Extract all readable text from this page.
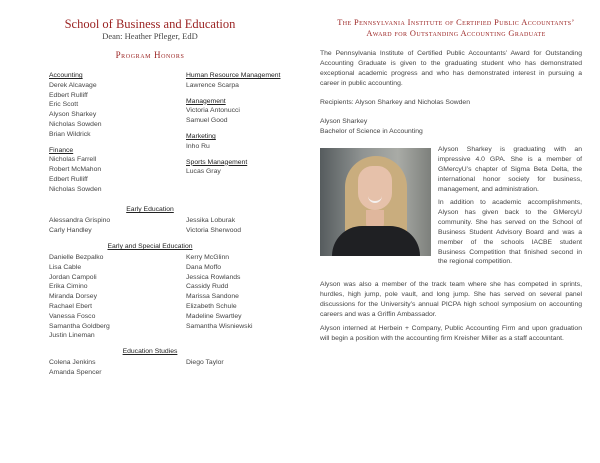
School of Business and Education
Dean: Heather Pfleger, EdD
Program Honors
Accounting
Derek Alcavage
Edbert Rulliff
Eric Scott
Alyson Sharkey
Nicholas Sowden
Brian Wildrick
Finance
Nicholas Farrell
Robert McMahon
Edbert Rulliff
Nicholas Sowden
Human Resource Management
Lawrence Scarpa
Management
Victoria Antonucci
Samuel Good
Marketing
Inho Ru
Sports Management
Lucas Gray
Early Education
Alessandra Grispino
Carly Handley
Jessika Loburak
Victoria Sherwood
Early and Special Education
Danielle Bezpalko
Lisa Cable
Jordan Campoli
Erika Cimino
Miranda Dorsey
Rachael Ebert
Vanessa Fosco
Samantha Goldberg
Justin Lineman
Kerry McGlinn
Dana Moffo
Jessica Rowlands
Cassidy Rudd
Marissa Sandone
Elizabeth Schule
Madeline Swartley
Samantha Wisniewski
Education Studies
Colena Jenkins
Amanda Spencer
Diego Taylor
The Pennsylvania Institute of Certified Public Accountants’
Award for Outstanding Accounting Graduate
The Pennsylvania Institute of Certified Public Accountants’ Award for Outstanding Accounting Graduate is given to the graduating student who has demonstrated exceptional academic progress and who has demonstrated interest in pursuing a career in public accounting.
Recipients: Alyson Sharkey and Nicholas Sowden
Alyson Sharkey
Bachelor of Science in Accounting
Alyson Sharkey is graduating with an impressive 4.0 GPA. She is a member of GMercyU’s chapter of Sigma Beta Delta, the international honor society for business, management, and administration.
In addition to academic accomplishments, Alyson has given back to the GMercyU community. She has served on the School of Business Student Advisory Board and was a member of the schools IACBE student Business Competition that finished second in the regional competition.
Alyson was also a member of the track team where she has competed in sprints, hurdles, high jump, pole vault, and long jump. She has served on several panel discussions for the University’s annual PICPA high school symposium on accounting careers and was a Griffin Ambassador.
Alyson interned at Herbein + Company, Public Accounting Firm and upon graduation will begin a position with the accounting firm Kreisher Miller as a staff accountant.
